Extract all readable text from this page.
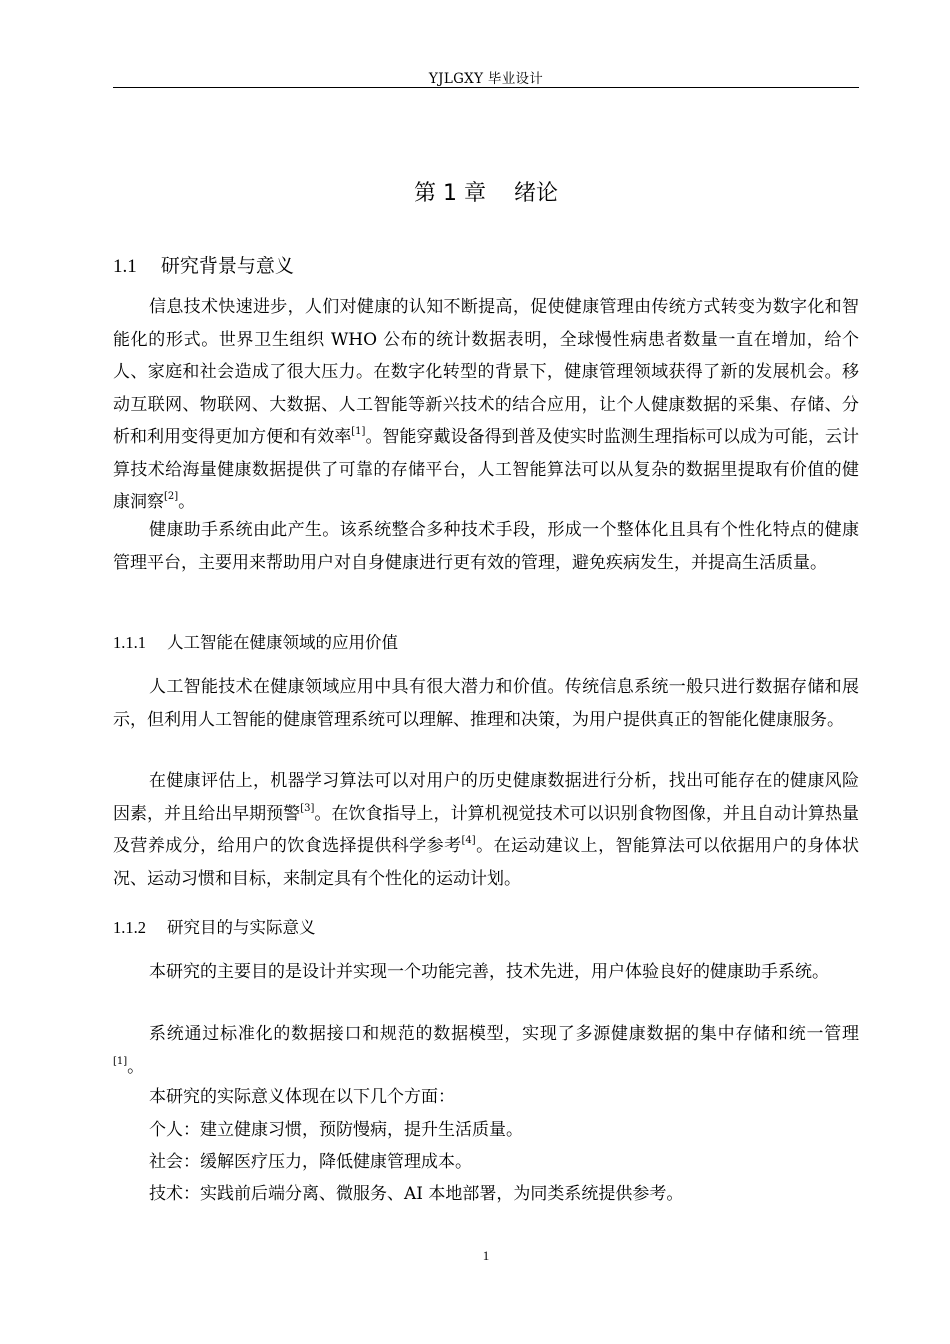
YJLGXY 毕业设计
第 1 章    绪论
1.1 研究背景与意义

信息技术快速进步，人们对健康的认知不断提高，促使健康管理由传统方式转变为数字化和智能化的形式。世界卫生组织 WHO 公布的统计数据表明，全球慢性病患者数量一直在增加，给个人、家庭和社会造成了很大压力。在数字化转型的背景下，健康管理领域获得了新的发展机会。移动互联网、物联网、大数据、人工智能等新兴技术的结合应用，让个人健康数据的采集、存储、分析和利用变得更加方便和有效率[1]。智能穿戴设备得到普及使实时监测生理指标可以成为可能，云计算技术给海量健康数据提供了可靠的存储平台，人工智能算法可以从复杂的数据里提取有价值的健康洞察[2]。

健康助手系统由此产生。该系统整合多种技术手段，形成一个整体化且具有个性化特点的健康管理平台，主要用来帮助用户对自身健康进行更有效的管理，避免疾病发生，并提高生活质量。

1.1.1 人工智能在健康领域的应用价值

人工智能技术在健康领域应用中具有很大潜力和价值。传统信息系统一般只进行数据存储和展示，但利用人工智能的健康管理系统可以理解、推理和决策，为用户提供真正的智能化健康服务。

在健康评估上，机器学习算法可以对用户的历史健康数据进行分析，找出可能存在的健康风险因素，并且给出早期预警[3]。在饮食指导上，计算机视觉技术可以识别食物图像，并且自动计算热量及营养成分，给用户的饮食选择提供科学参考[4]。在运动建议上，智能算法可以依据用户的身体状况、运动习惯和目标，来制定具有个性化的运动计划。

1.1.2 研究目的与实际意义

本研究的主要目的是设计并实现一个功能完善，技术先进，用户体验良好的健康助手系统。

系统通过标准化的数据接口和规范的数据模型，实现了多源健康数据的集中存储和统一管理[1]。

本研究的实际意义体现在以下几个方面：

个人：建立健康习惯，预防慢病，提升生活质量。

社会：缓解医疗压力，降低健康管理成本。

技术：实践前后端分离、微服务、AI 本地部署，为同类系统提供参考。

1
